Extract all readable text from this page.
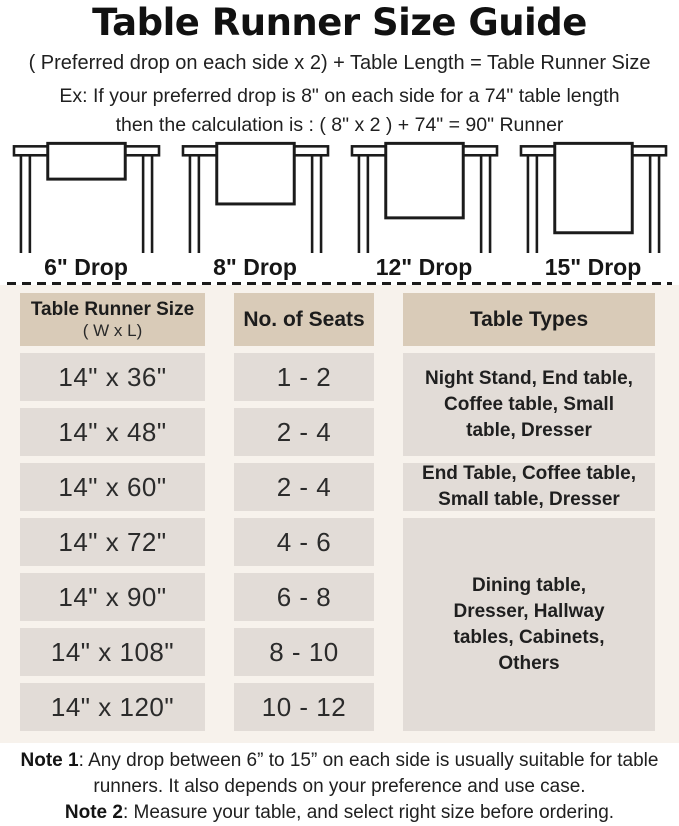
Table Runner Size Guide

( Preferred drop on each side x 2) + Table Length = Table Runner Size

Ex: If your preferred drop is 8" on each side for a 74" table length

then the calculation is : ( 8" x 2 ) + 74" = 90" Runner

6" Drop	8" Drop	12" Drop	15" Drop
Table Runner Size
( W x L)	No. of Seats	Table Types
14" x 36"	1 - 2	Night Stand, End table, Coffee table, Small table, Dresser
14" x 48"	2 - 4
14" x 60"	2 - 4	End Table, Coffee table, Small table, Dresser
14" x 72"	4 - 6
Dining table, Dresser, Hallway tables, Cabinets, Others
14" x 90"	6 - 8
14" x 108"	8 - 10
14" x 120"	10 - 12

Note 1: Any drop between 6” to 15” on each side is usually suitable for table runners. It also depends on your preference and use case.

Note 2: Measure your table, and select right size before ordering.
